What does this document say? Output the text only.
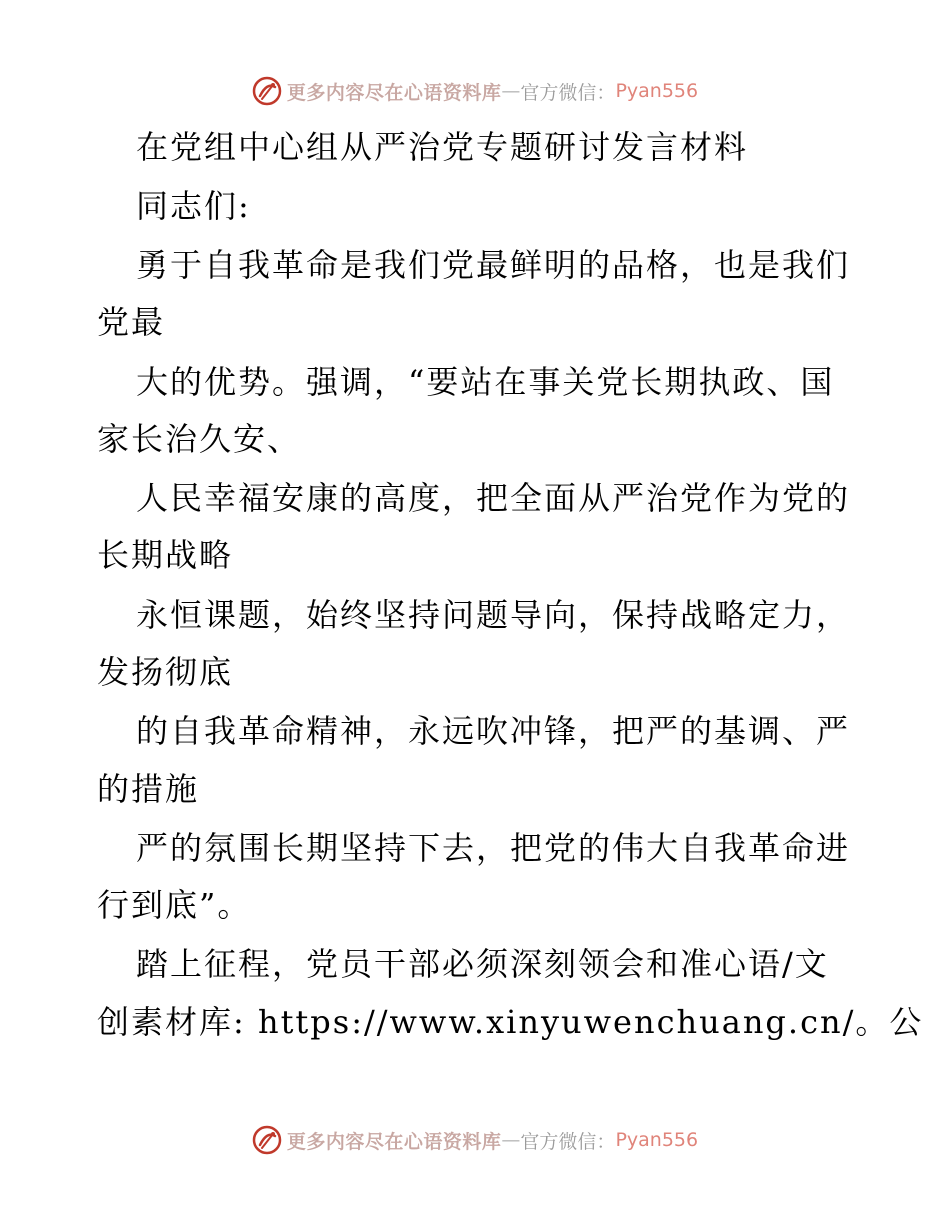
更多内容尽在心语资料库 — 官方微信： Pyan556
在党组中心组从严治党专题研讨发言材料
同志们:
勇于自我革命是我们党最鲜明的品格，也是我们
党最
大的优势。强调，“要站在事关党长期执政、国
家长治久安、
人民幸福安康的高度，把全面从严治党作为党的
长期战略
永恒课题，始终坚持问题导向，保持战略定力，
发扬彻底
的自我革命精神，永远吹冲锋，把严的基调、严
的措施
严的氛围长期坚持下去，把党的伟大自我革命进
行到底”。
踏上征程，党员干部必须深刻领会和准心语/文
创素材库: https://www.xinyuwenchuang.cn/。公
更多内容尽在心语资料库 — 官方微信： Pyan556
